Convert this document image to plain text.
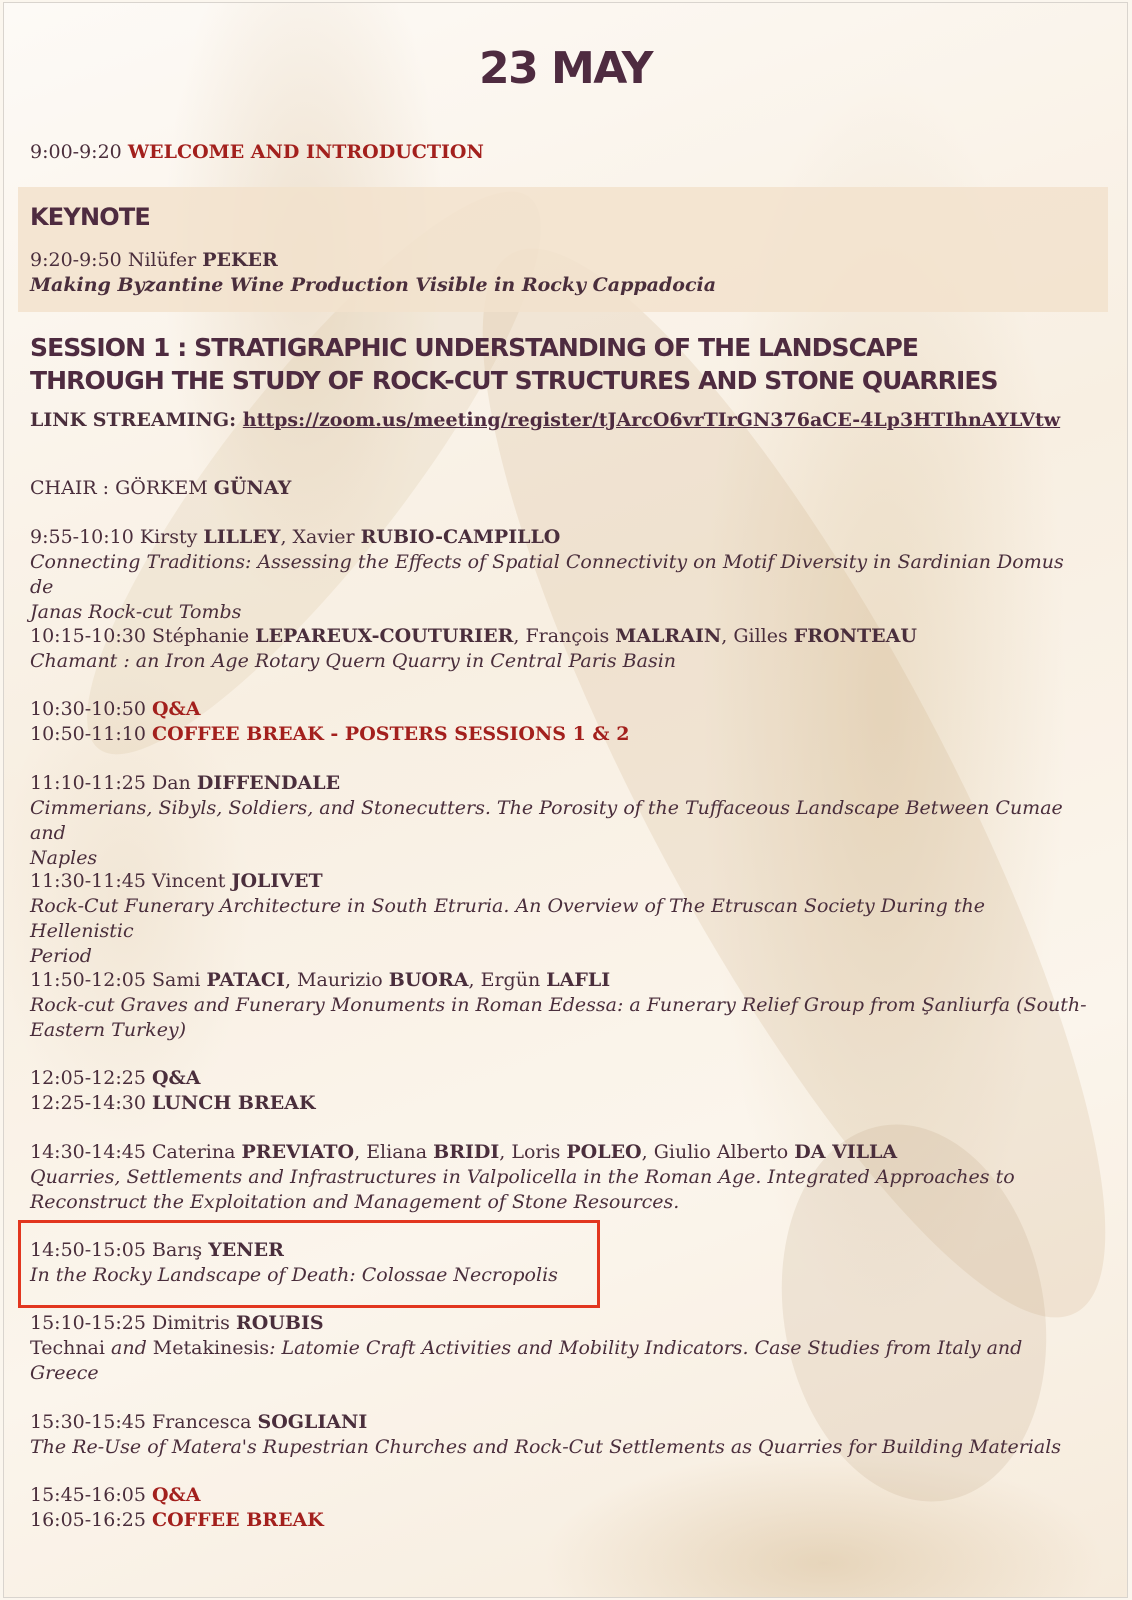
23 MAY
9:00-9:20 WELCOME AND INTRODUCTION
KEYNOTE
9:20-9:50 Nilüfer PEKER
Making Byzantine Wine Production Visible in Rocky Cappadocia
SESSION 1 : STRATIGRAPHIC UNDERSTANDING OF THE LANDSCAPE
THROUGH THE STUDY OF ROCK-CUT STRUCTURES AND STONE QUARRIES
LINK STREAMING: https://zoom.us/meeting/register/tJArcO6vrTIrGN376aCE-4Lp3HTIhnAYLVtw
CHAIR : GÖRKEM GÜNAY
9:55-10:10 Kirsty LILLEY, Xavier RUBIO-CAMPILLO
Connecting Traditions: Assessing the Effects of Spatial Connectivity on Motif Diversity in Sardinian Domus de
Janas Rock-cut Tombs
10:15-10:30 Stéphanie LEPAREUX-COUTURIER, François MALRAIN, Gilles FRONTEAU
Chamant : an Iron Age Rotary Quern Quarry in Central Paris Basin
10:30-10:50 Q&A
10:50-11:10 COFFEE BREAK - POSTERS SESSIONS 1 & 2
11:10-11:25 Dan DIFFENDALE
Cimmerians, Sibyls, Soldiers, and Stonecutters. The Porosity of the Tuffaceous Landscape Between Cumae and
Naples
11:30-11:45 Vincent JOLIVET
Rock-Cut Funerary Architecture in South Etruria. An Overview of The Etruscan Society During the Hellenistic
Period
11:50-12:05 Sami PATACI, Maurizio BUORA, Ergün LAFLI
Rock-cut Graves and Funerary Monuments in Roman Edessa: a Funerary Relief Group from Şanliurfa (South-
Eastern Turkey)
12:05-12:25 Q&A
12:25-14:30 LUNCH BREAK
14:30-14:45 Caterina PREVIATO, Eliana BRIDI, Loris POLEO, Giulio Alberto DA VILLA
Quarries, Settlements and Infrastructures in Valpolicella in the Roman Age. Integrated Approaches to
Reconstruct the Exploitation and Management of Stone Resources.
14:50-15:05 Barış YENER
In the Rocky Landscape of Death: Colossae Necropolis
15:10-15:25 Dimitris ROUBIS
Technai and Metakinesis: Latomie Craft Activities and Mobility Indicators. Case Studies from Italy and
Greece
15:30-15:45 Francesca SOGLIANI
The Re-Use of Matera's Rupestrian Churches and Rock-Cut Settlements as Quarries for Building Materials
15:45-16:05 Q&A
16:05-16:25 COFFEE BREAK
